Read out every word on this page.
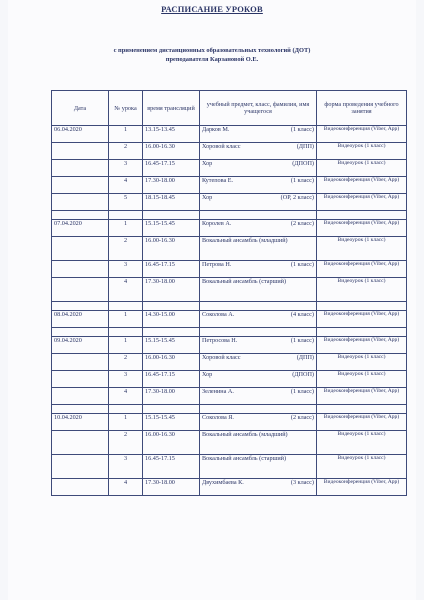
РАСПИСАНИЕ УРОКОВ
с применением дистанционных образовательных технологий (ДОТ)
преподавателя Карзановой О.Е.
Дата	№ урока	время трансляций	учебный предмет, класс, фамилия, имя учащегося	форма проведения учебного занятия
06.04.2020	1	13.15-13.45	Дарков М. (1 класс)	Видеоконференция (Viber, App)
	2	16.00-16.30	Хоровой класс (ДПП)	Видеоурок (1 класс)
	3	16.45-17.15	Хор (ДПОП)	Видеоурок (1 класс)
	4	17.30-18.00	Кутепова Е. (1 класс)	Видеоконференция (Viber, App)
	5	18.15-18.45	Хор (ОР, 2 класс)	Видеоконференция (Viber, App)

07.04.2020	1	15.15-15.45	Королев А. (2 класс)	Видеоконференция (Viber, App)
	2	16.00-16.30	Вокальный ансамбль (младший)	Видеоурок (1 класс)
	3	16.45-17.15	Петрова Н. (1 класс)	Видеоконференция (Viber, App)
	4	17.30-18.00	Вокальный ансамбль (старший)	Видеоурок (1 класс)

08.04.2020	1	14.30-15.00	Соколова А. (4 класс)	Видеоконференция (Viber, App)

09.04.2020	1	15.15-15.45	Петросова Н. (1 класс)	Видеоконференция (Viber, App)
	2	16.00-16.30	Хоровой класс (ДПП)	Видеоурок (1 класс)
	3	16.45-17.15	Хор (ДПОП)	Видеоурок (1 класс)
	4	17.30-18.00	Зеленина А. (1 класс)	Видеоконференция (Viber, App)

10.04.2020	1	15.15-15.45	Соколова Я. (2 класс)	Видеоконференция (Viber, App)
	2	16.00-16.30	Вокальный ансамбль (младший)	Видеоурок (1 класс)
	3	16.45-17.15	Вокальный ансамбль (старший)	Видеоурок (1 класс)
	4	17.30-18.00	Двухимбаева К. (3 класс)	Видеоконференция (Viber, App)
